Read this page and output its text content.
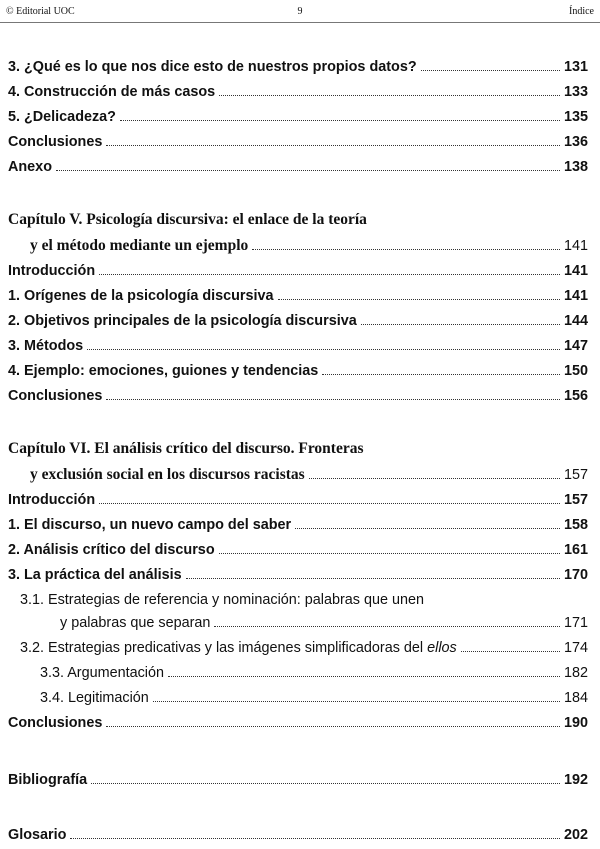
© Editorial UOC	9	Índice
3. ¿Qué es lo que nos dice esto de nuestros propios datos?	131
4. Construcción de más casos	133
5. ¿Delicadeza?	135
Conclusiones	136
Anexo	138
Capítulo V. Psicología discursiva: el enlace de la teoría
y el método mediante un ejemplo	141
Introducción	141
1. Orígenes de la psicología discursiva	141
2. Objetivos principales de la psicología discursiva	144
3. Métodos	147
4. Ejemplo: emociones, guiones y tendencias	150
Conclusiones	156
Capítulo VI. El análisis crítico del discurso. Fronteras
y exclusión social en los discursos racistas	157
Introducción	157
1. El discurso, un nuevo campo del saber	158
2. Análisis crítico del discurso	161
3. La práctica del análisis	170
3.1. Estrategias de referencia y nominación: palabras que unen
y palabras que separan	171
3.2. Estrategias predicativas y las imágenes simplificadoras del ellos	174
3.3. Argumentación	182
3.4. Legitimación	184
Conclusiones	190
Bibliografía	192
Glosario	202
